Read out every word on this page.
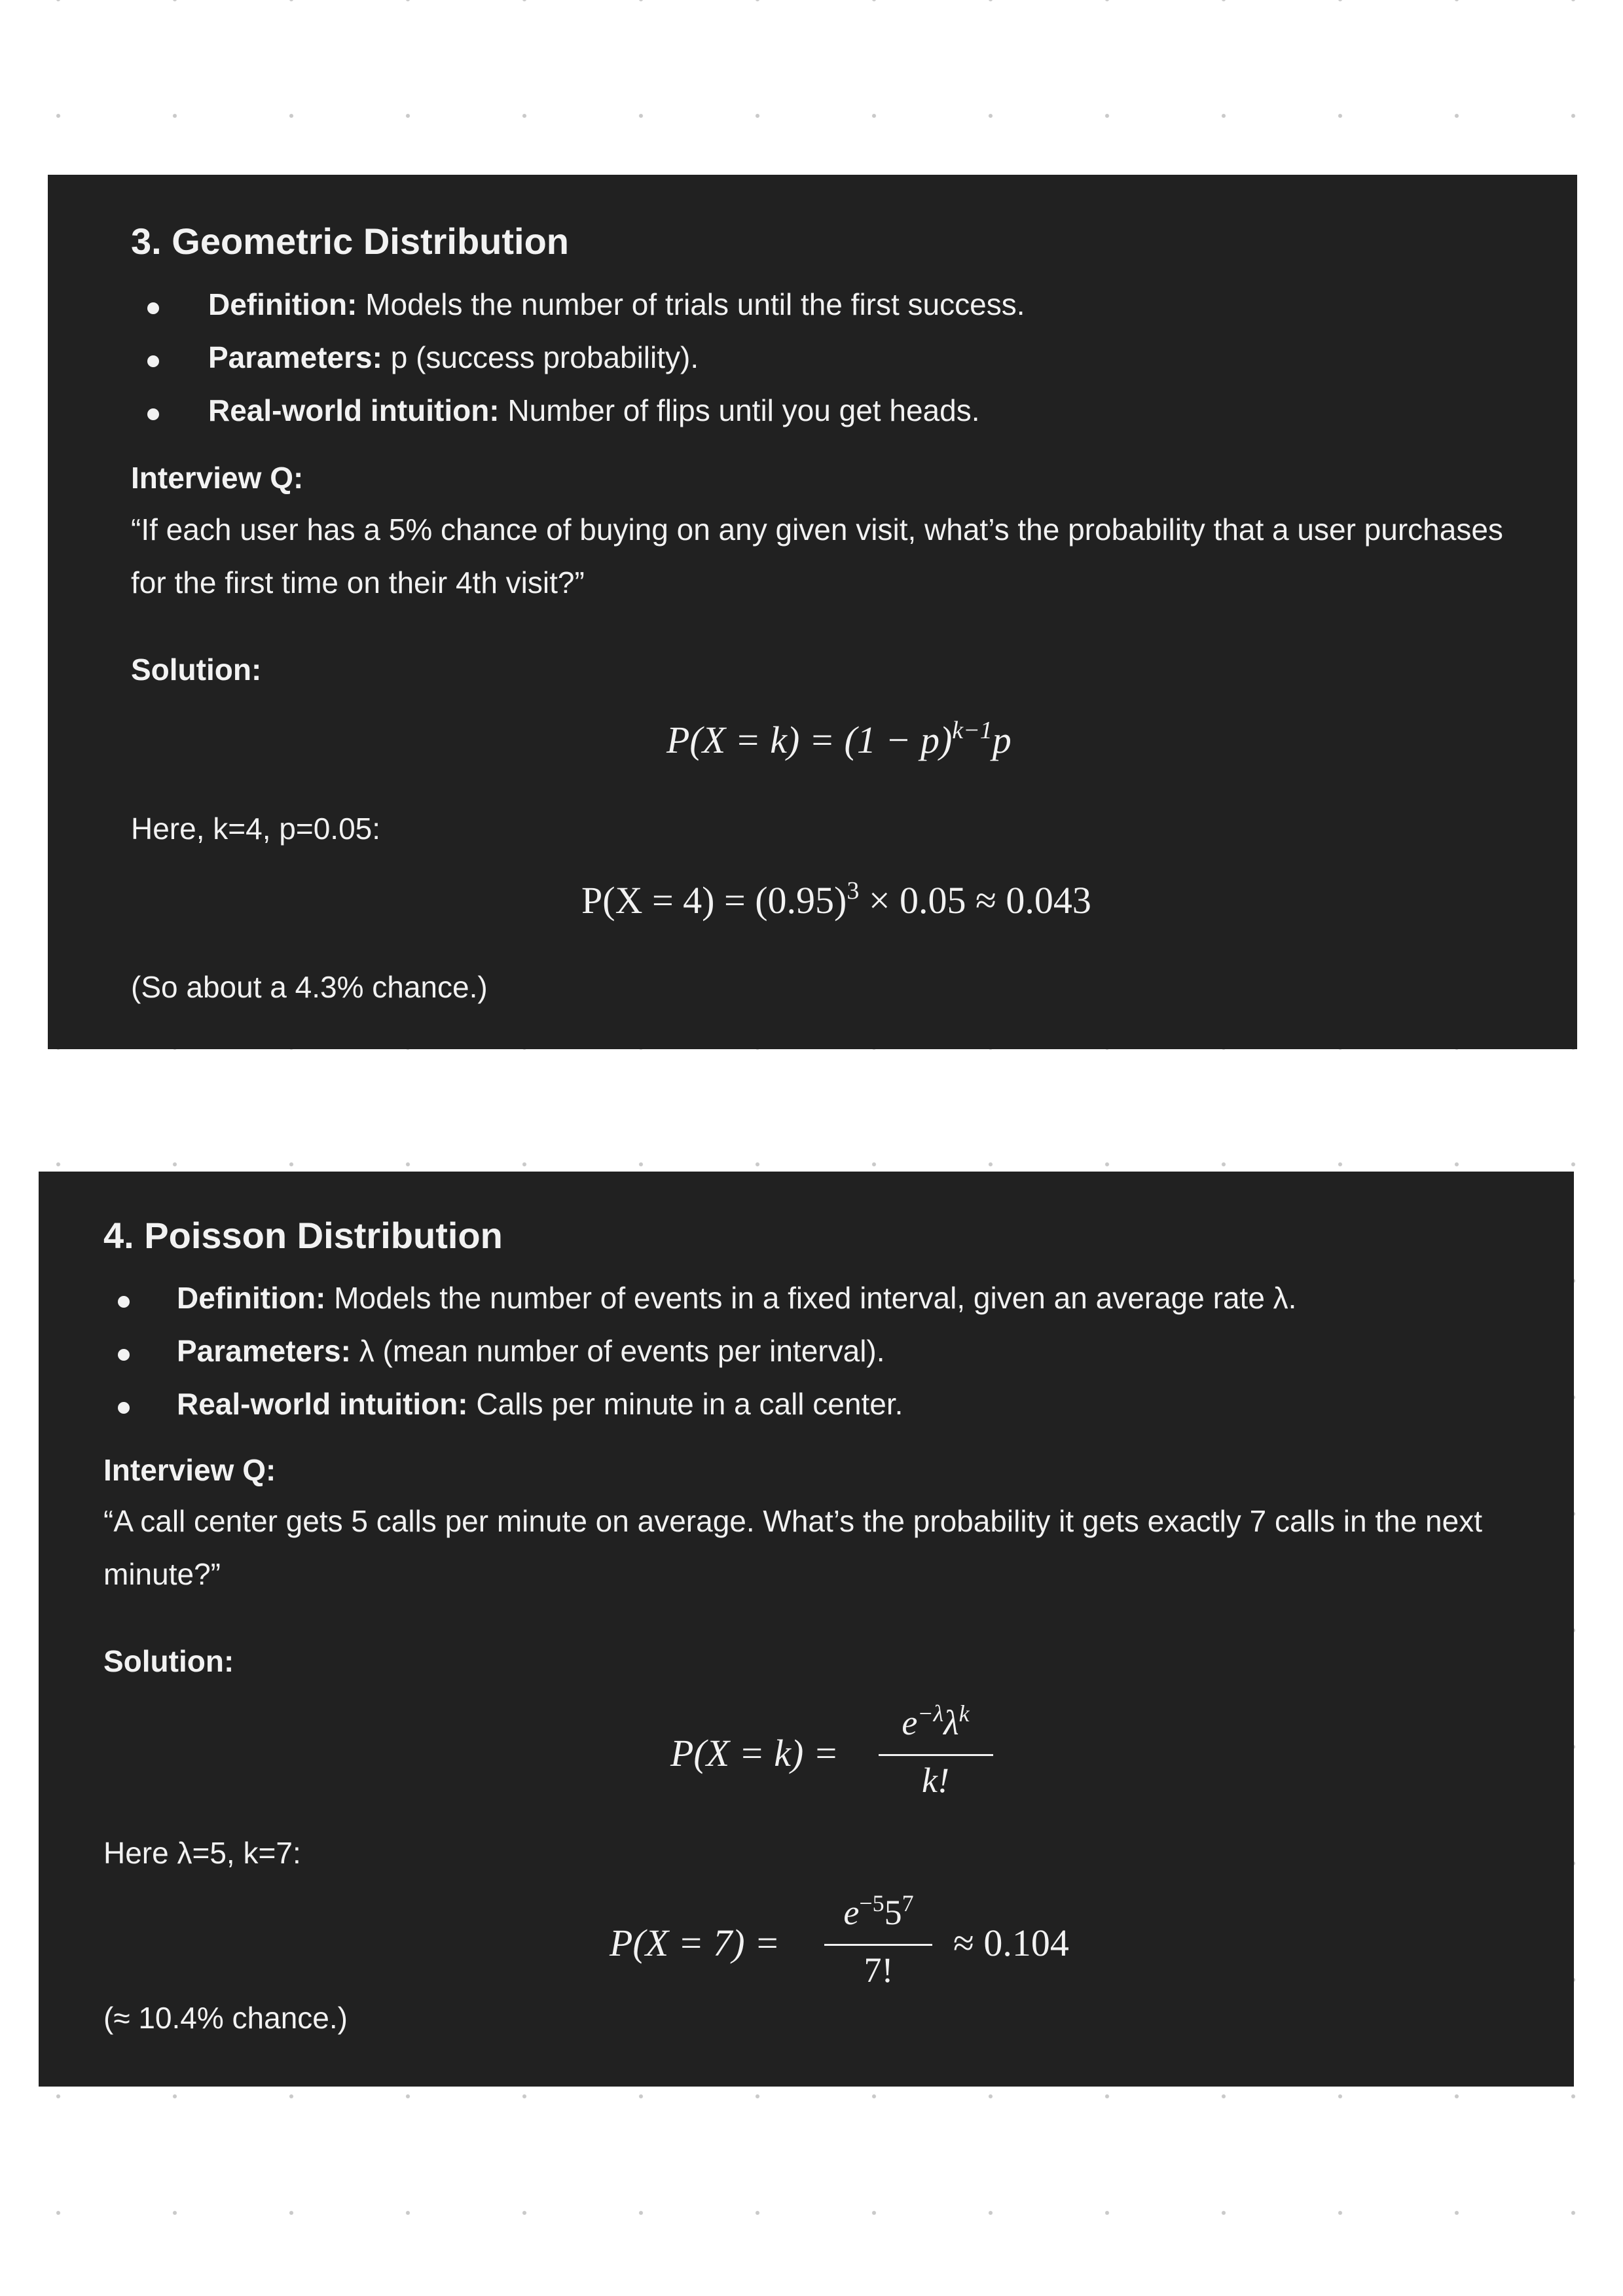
3. Geometric Distribution
Definition: Models the number of trials until the first success.
Parameters: p (success probability).
Real-world intuition: Number of flips until you get heads.
Interview Q:
“If each user has a 5% chance of buying on any given visit, what’s the probability that a user purchases for the first time on their 4th visit?”
Solution:
$P(X = k) = (1 - p)^{k-1}p$
Here, k=4, p=0.05:
$P(X = 4) = (0.95)^3 \times 0.05 \approx 0.043$
(So about a 4.3% chance.)
4. Poisson Distribution
Definition: Models the number of events in a fixed interval, given an average rate λ.
Parameters: λ (mean number of events per interval).
Real-world intuition: Calls per minute in a call center.
Interview Q:
“A call center gets 5 calls per minute on average. What’s the probability it gets exactly 7 calls in the next minute?”
Solution:
P(X = k) =
$e^{-\lambda}\lambda^k$
k!
Here λ=5, k=7:
P(X = 7) =
$e^{-5}5^7$
7!
≈ 0.104
(≈ 10.4% chance.)
